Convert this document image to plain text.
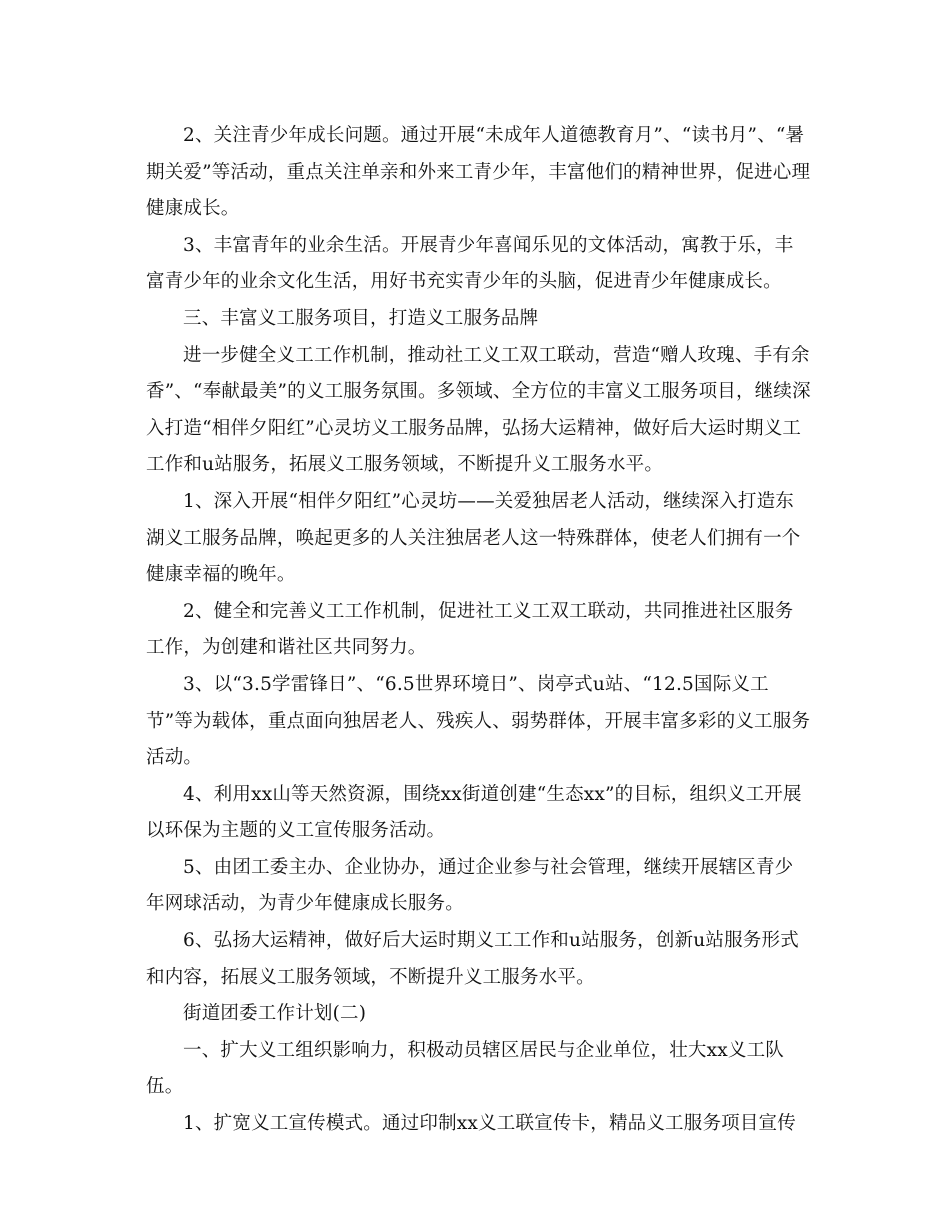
2、关注青少年成长问题。通过开展“未成年人道德教育月”、“读书月”、“暑期关爱”等活动，重点关注单亲和外来工青少年，丰富他们的精神世界，促进心理健康成长。

3、丰富青年的业余生活。开展青少年喜闻乐见的文体活动，寓教于乐，丰富青少年的业余文化生活，用好书充实青少年的头脑，促进青少年健康成长。

三、丰富义工服务项目，打造义工服务品牌

进一步健全义工工作机制，推动社工义工双工联动，营造“赠人玫瑰、手有余香”、“奉献最美”的义工服务氛围。多领域、全方位的丰富义工服务项目，继续深入打造“相伴夕阳红”心灵坊义工服务品牌，弘扬大运精神，做好后大运时期义工工作和u站服务，拓展义工服务领域，不断提升义工服务水平。

1、深入开展“相伴夕阳红”心灵坊——关爱独居老人活动，继续深入打造东湖义工服务品牌，唤起更多的人关注独居老人这一特殊群体，使老人们拥有一个健康幸福的晚年。

2、健全和完善义工工作机制，促进社工义工双工联动，共同推进社区服务工作，为创建和谐社区共同努力。

3、以“3.5学雷锋日”、“6.5世界环境日”、岗亭式u站、“12.5国际义工节”等为载体，重点面向独居老人、残疾人、弱势群体，开展丰富多彩的义工服务活动。

4、利用xx山等天然资源，围绕xx街道创建“生态xx”的目标，组织义工开展以环保为主题的义工宣传服务活动。

5、由团工委主办、企业协办，通过企业参与社会管理，继续开展辖区青少年网球活动，为青少年健康成长服务。

6、弘扬大运精神，做好后大运时期义工工作和u站服务，创新u站服务形式和内容，拓展义工服务领域，不断提升义工服务水平。

街道团委工作计划(二)

一、扩大义工组织影响力，积极动员辖区居民与企业单位，壮大xx义工队伍。

1、扩宽义工宣传模式。通过印制xx义工联宣传卡，精品义工服务项目宣传
